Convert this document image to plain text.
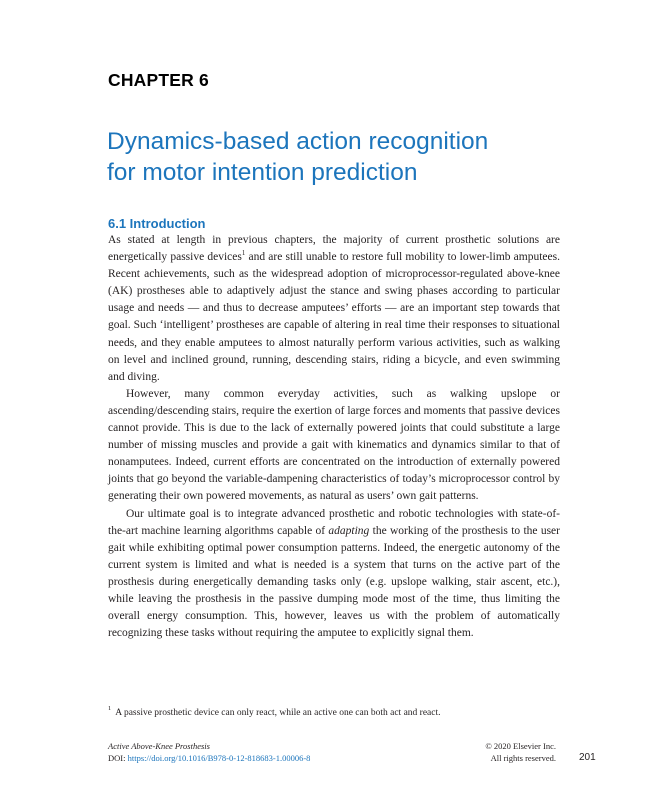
CHAPTER 6
Dynamics-based action recognition
for motor intention prediction
6.1 Introduction

As stated at length in previous chapters, the majority of current prosthetic solutions are energetically passive devices$^1$ and are still unable to restore full mobility to lower-limb amputees. Recent achievements, such as the widespread adoption of microprocessor-regulated above-knee (AK) prostheses able to adaptively adjust the stance and swing phases according to particular usage and needs — and thus to decrease amputees’ efforts — are an important step towards that goal. Such ‘intelligent’ prostheses are capable of altering in real time their responses to situational needs, and they enable amputees to almost naturally perform various activities, such as walking on level and inclined ground, running, descending stairs, riding a bicycle, and even swimming and diving.

However, many common everyday activities, such as walking upslope or ascending/descending stairs, require the exertion of large forces and moments that passive devices cannot provide. This is due to the lack of externally powered joints that could substitute a large number of missing muscles and provide a gait with kinematics and dynamics similar to that of nonamputees. Indeed, current efforts are concentrated on the introduction of externally powered joints that go beyond the variable-dampening characteristics of today’s microprocessor control by generating their own powered movements, as natural as users’ own gait patterns.

Our ultimate goal is to integrate advanced prosthetic and robotic technologies with state-of-the-art machine learning algorithms capable of adapting the working of the prosthesis to the user gait while exhibiting optimal power consumption patterns. Indeed, the energetic autonomy of the current system is limited and what is needed is a system that turns on the active part of the prosthesis during energetically demanding tasks only (e.g. upslope walking, stair ascent, etc.), while leaving the prosthesis in the passive dumping mode most of the time, thus limiting the overall energy consumption. This, however, leaves us with the problem of automatically recognizing these tasks without requiring the amputee to explicitly signal them.

$^1$ A passive prosthetic device can only react, while an active one can both act and react.
Active Above-Knee Prosthesis
DOI: https://doi.org/10.1016/B978-0-12-818683-1.00006-8
© 2020 Elsevier Inc.
All rights reserved. 201
